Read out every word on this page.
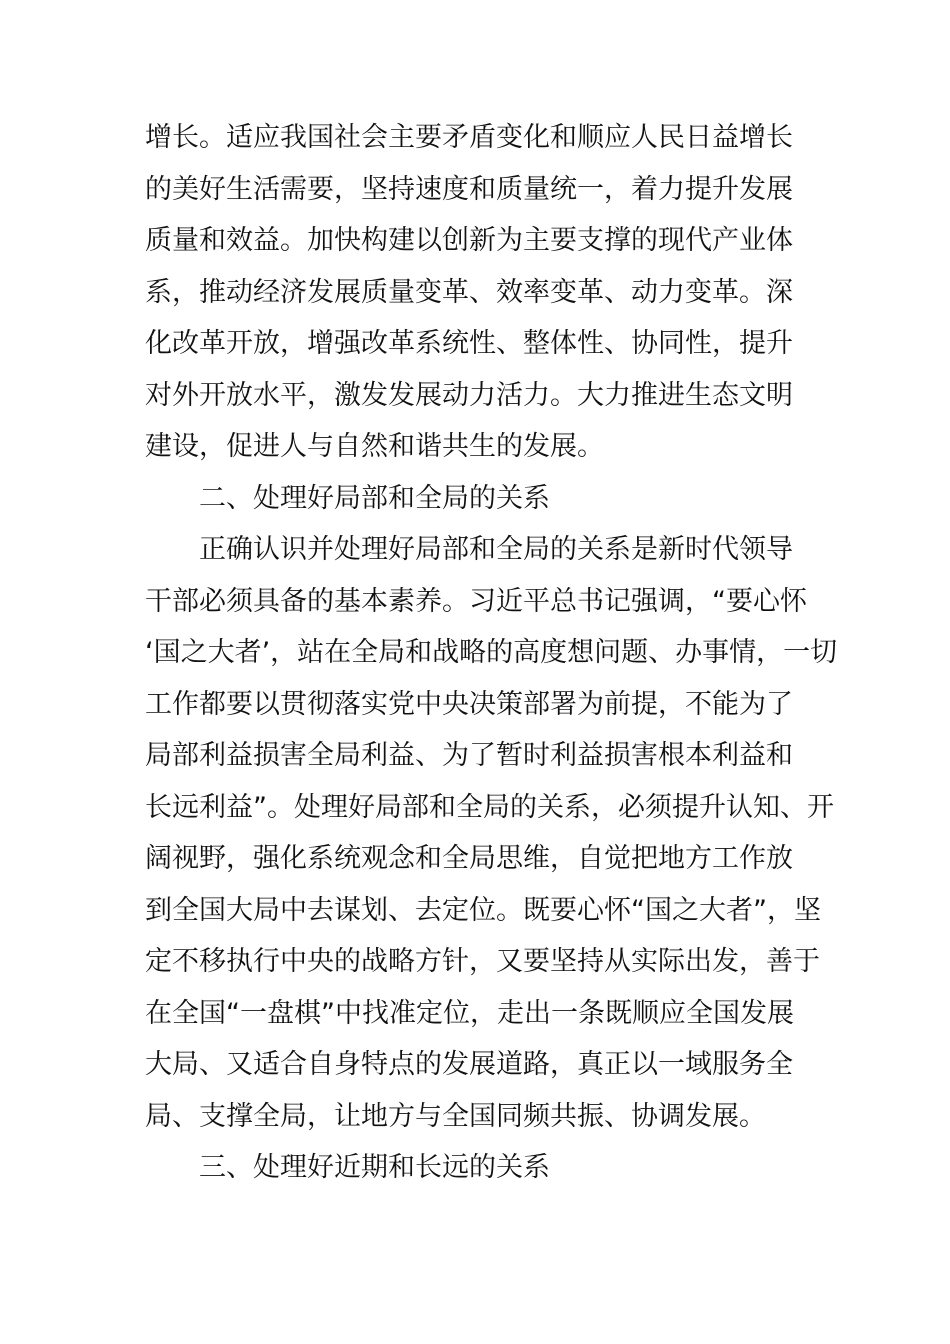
增长。适应我国社会主要矛盾变化和顺应人民日益增长
的美好生活需要，坚持速度和质量统一，着力提升发展
质量和效益。加快构建以创新为主要支撑的现代产业体
系，推动经济发展质量变革、效率变革、动力变革。深
化改革开放，增强改革系统性、整体性、协同性，提升
对外开放水平，激发发展动力活力。大力推进生态文明
建设，促进人与自然和谐共生的发展。
二、处理好局部和全局的关系
正确认识并处理好局部和全局的关系是新时代领导
干部必须具备的基本素养。习近平总书记强调，“要心怀
‘国之大者’，站在全局和战略的高度想问题、办事情，一切
工作都要以贯彻落实党中央决策部署为前提，不能为了
局部利益损害全局利益、为了暂时利益损害根本利益和
长远利益”。处理好局部和全局的关系，必须提升认知、开
阔视野，强化系统观念和全局思维，自觉把地方工作放
到全国大局中去谋划、去定位。既要心怀“国之大者”，坚
定不移执行中央的战略方针，又要坚持从实际出发，善于
在全国“一盘棋”中找准定位，走出一条既顺应全国发展
大局、又适合自身特点的发展道路，真正以一域服务全
局、支撑全局，让地方与全国同频共振、协调发展。
三、处理好近期和长远的关系
